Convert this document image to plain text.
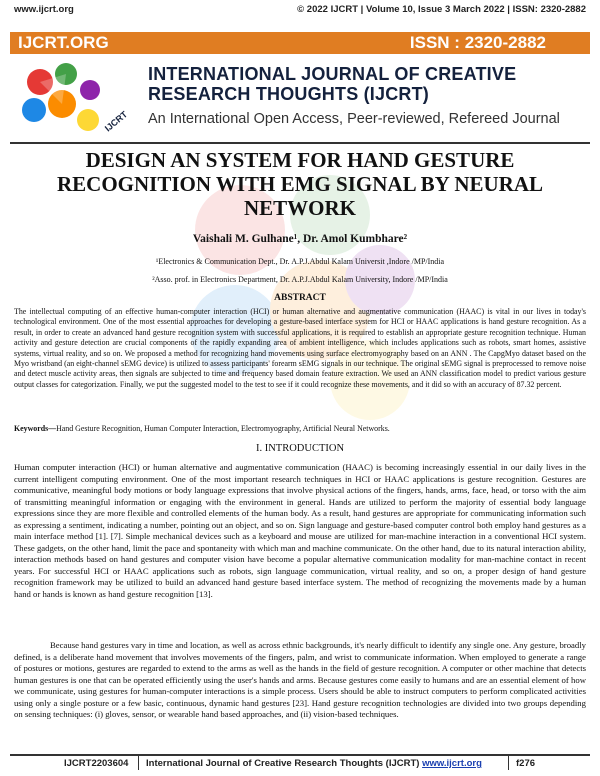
www.ijcrt.org	© 2022 IJCRT | Volume 10, Issue 3 March 2022 | ISSN: 2320-2882
IJCRT.ORG	ISSN : 2320-2882
IJCRT
INTERNATIONAL JOURNAL OF CREATIVE RESEARCH THOUGHTS (IJCRT)
An International Open Access, Peer-reviewed, Refereed Journal
DESIGN AN SYSTEM FOR HAND GESTURE RECOGNITION WITH EMG SIGNAL BY NEURAL NETWORK
Vaishali M. Gulhane¹, Dr. Amol Kumbhare²
¹Electronics & Communication Dept., Dr. A.P.J.Abdul Kalam Universit ,Indore /MP/India
²Asso. prof. in Electronics Department, Dr. A.P.J.Abdul Kalam University, Indore /MP/India
ABSTRACT
The intellectual computing of an effective human-computer interaction (HCI) or human alternative and augmentative communication (HAAC) is vital in our lives in today's technological environment. One of the most essential approaches for developing a gesture-based interface system for HCI or HAAC applications is hand gesture recognition. As a result, in order to create an advanced hand gesture recognition system with successful applications, it is required to establish an appropriate gesture recognition technique. Human activity and gesture detection are crucial components of the rapidly expanding area of ambient intelligence, which includes applications such as robots, smart homes, assistive systems, virtual reality, and so on. We proposed a method for recognizing hand movements using surface electromyography based on an ANN . The CapgMyo dataset based on the Myo wristband (an eight-channel sEMG device) is utilized to assess participants' forearm sEMG signals in our technique. The original sEMG signal is preprocessed to remove noise and detect muscle activity areas, then signals are subjected to time and frequency based domain feature extraction. We used an ANN classification model to predict various gesture output classes for categorization. Finally, we put the suggested model to the test to see if it could recognize these movements, and it did so with an accuracy of 87.32 percent.
Keywords—Hand Gesture Recognition, Human Computer Interaction, Electromyography, Artificial Neural Networks.
I. INTRODUCTION
Human computer interaction (HCI) or human alternative and augmentative communication (HAAC) is becoming increasingly essential in our daily lives in the current intelligent computing environment. One of the most important research techniques in HCI or HAAC applications is gesture recognition. Gestures are communicative, meaningful body motions or body language expressions that involve physical actions of the fingers, hands, arms, face, head, or torso with the aim of transmitting meaningful information or engaging with the environment in general. Hands are utilized to perform the majority of essential body language expressions since they are more flexible and controlled elements of the human body. As a result, hand gestures are appropriate for communicating information such as expressing a sentiment, indicating a number, pointing out an object, and so on. Sign language and gesture-based computer control both employ hand gestures as a main interface method [1]. [7]. Simple mechanical devices such as a keyboard and mouse are utilized for man-machine interaction in a conventional HCI system. These gadgets, on the other hand, limit the pace and spontaneity with which man and machine communicate. On the other hand, due to its natural interaction ability, interaction methods based on hand gestures and computer vision have become a popular alternative communication modality for man-machine contact in recent years. For successful HCI or HAAC applications such as robots, sign language communication, virtual reality, and so on, a proper design of hand gesture recognition framework may be utilized to build an advanced hand gesture based interface system. The method of recognizing the movements made by a human hand or hands is known as hand gesture recognition [13].
Because hand gestures vary in time and location, as well as across ethnic backgrounds, it's nearly difficult to identify any single one. Any gesture, broadly defined, is a deliberate hand movement that involves movements of the fingers, palm, and wrist to communicate information. When employed to generate a range of postures or motions, gestures are regarded to extend to the arms as well as the hands in the field of gesture recognition. A computer or other machine that detects human gestures is one that can be operated efficiently using the user's hands and arms. Because gestures come easily to humans and are an essential element of how we communicate, using gestures for human-computer interactions is a simple process. Users should be able to instruct computers to perform complicated activities using only a single posture or a few basic, continuous, dynamic hand gestures [23]. Hand gesture recognition technologies are divided into two groups depending on sensing techniques: (i) gloves, sensor, or wearable hand based approaches, and (ii) vision-based techniques.
IJCRT2203604 International Journal of Creative Research Thoughts (IJCRT) www.ijcrt.org	f276
